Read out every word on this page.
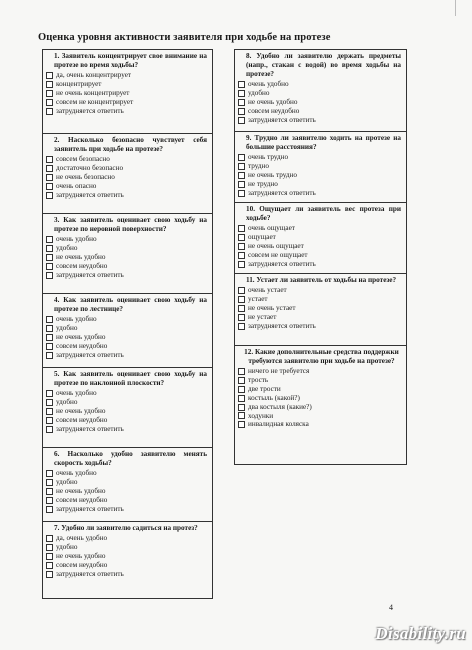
Оценка уровня активности заявителя при ходьбе на протезе
1. Заявитель концентрирует свое внимание на протезе во время ходьбы?
да, очень концентрирует
концентрирует
не очень концентрирует
совсем не концентрирует
затрудняется ответить
2. Насколько безопасно чувствует себя заявитель при ходьбе на протезе?
совсем безопасно
достаточно безопасно
не очень безопасно
очень опасно
затрудняется ответить
3. Как заявитель оценивает свою ходьбу на протезе по неровной поверхности?
очень удобно
удобно
не очень удобно
совсем неудобно
затрудняется ответить
4. Как заявитель оценивает свою ходьбу на протезе по лестнице?
очень удобно
удобно
не очень удобно
совсем неудобно
затрудняется ответить
5. Как заявитель оценивает свою ходьбу на протезе по наклонной плоскости?
очень удобно
удобно
не очень удобно
совсем неудобно
затрудняется ответить
6. Насколько удобно заявителю менять скорость ходьбы?
очень удобно
удобно
не очень удобно
совсем неудобно
затрудняется ответить
7. Удобно ли заявителю садиться на протез?
да, очень удобно
удобно
не очень удобно
совсем неудобно
затрудняется ответить
8. Удобно ли заявителю держать предметы (напр., стакан с водой) во время ходьбы на протезе?
очень удобно
удобно
не очень удобно
совсем неудобно
затрудняется ответить
9. Трудно ли заявителю ходить на протезе на большие расстояния?
очень трудно
трудно
не очень трудно
не трудно
затрудняется ответить
10. Ощущает ли заявитель вес протеза при ходьбе?
очень ощущает
ощущает
не очень ощущает
совсем не ощущает
затрудняется ответить
11. Устает ли заявитель от ходьбы на протезе?
очень устает
устает
не очень устает
не устает
затрудняется ответить
12. Какие дополнительные средства поддержки требуются заявителю при ходьбе на протезе?
ничего не требуется
трость
две трости
костыль (какой?)
два костыля (какие?)
ходунки
инвалидная коляска
4
Disability.ru
